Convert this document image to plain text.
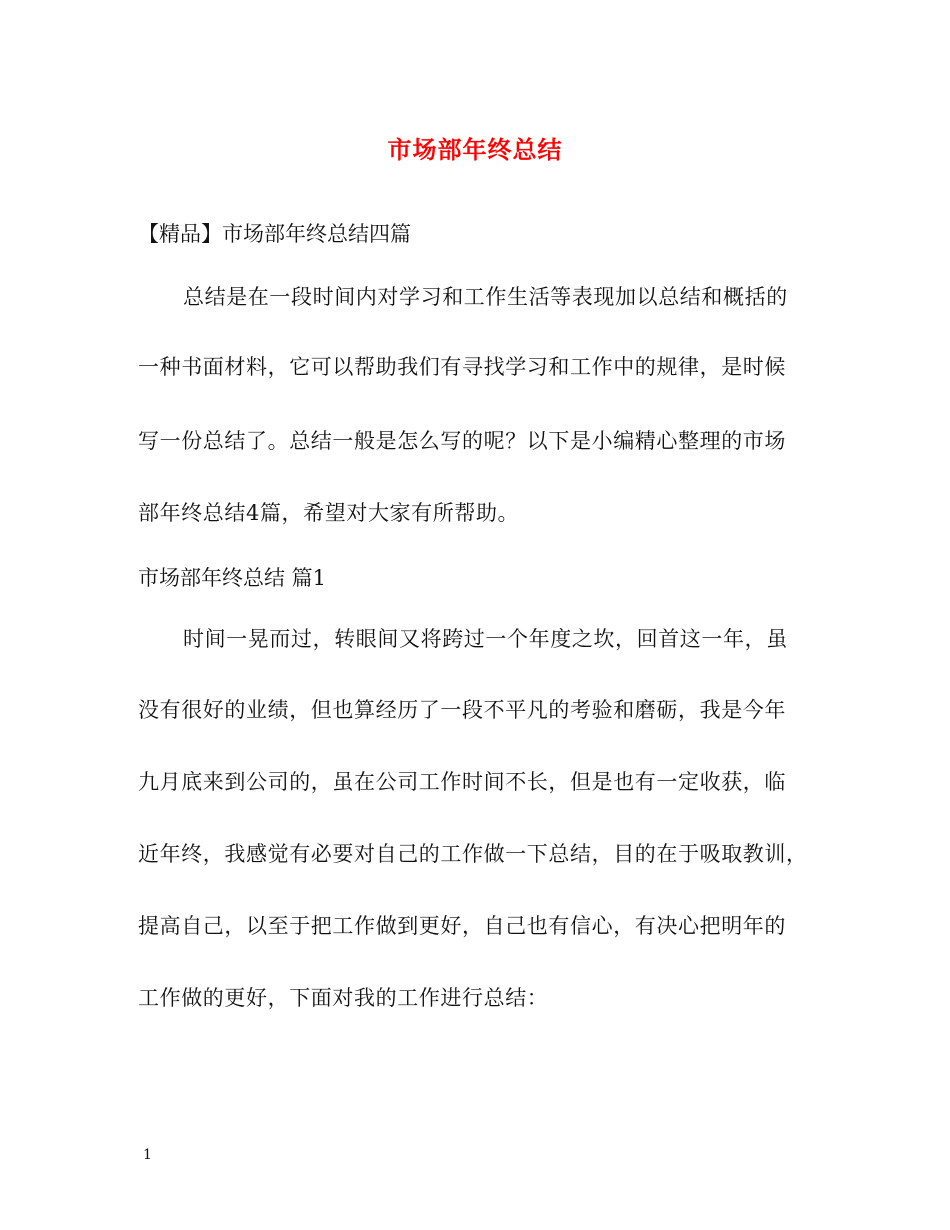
市场部年终总结
【精品】市场部年终总结四篇
总结是在一段时间内对学习和工作生活等表现加以总结和概括的
一种书面材料，它可以帮助我们有寻找学习和工作中的规律，是时候
写一份总结了。总结一般是怎么写的呢？以下是小编精心整理的市场
部年终总结4篇，希望对大家有所帮助。
市场部年终总结 篇1
时间一晃而过，转眼间又将跨过一个年度之坎，回首这一年，虽
没有很好的业绩，但也算经历了一段不平凡的考验和磨砺，我是今年
九月底来到公司的，虽在公司工作时间不长，但是也有一定收获，临
近年终，我感觉有必要对自己的工作做一下总结，目的在于吸取教训，
提高自己，以至于把工作做到更好，自己也有信心，有决心把明年的
工作做的更好，下面对我的工作进行总结：
1
